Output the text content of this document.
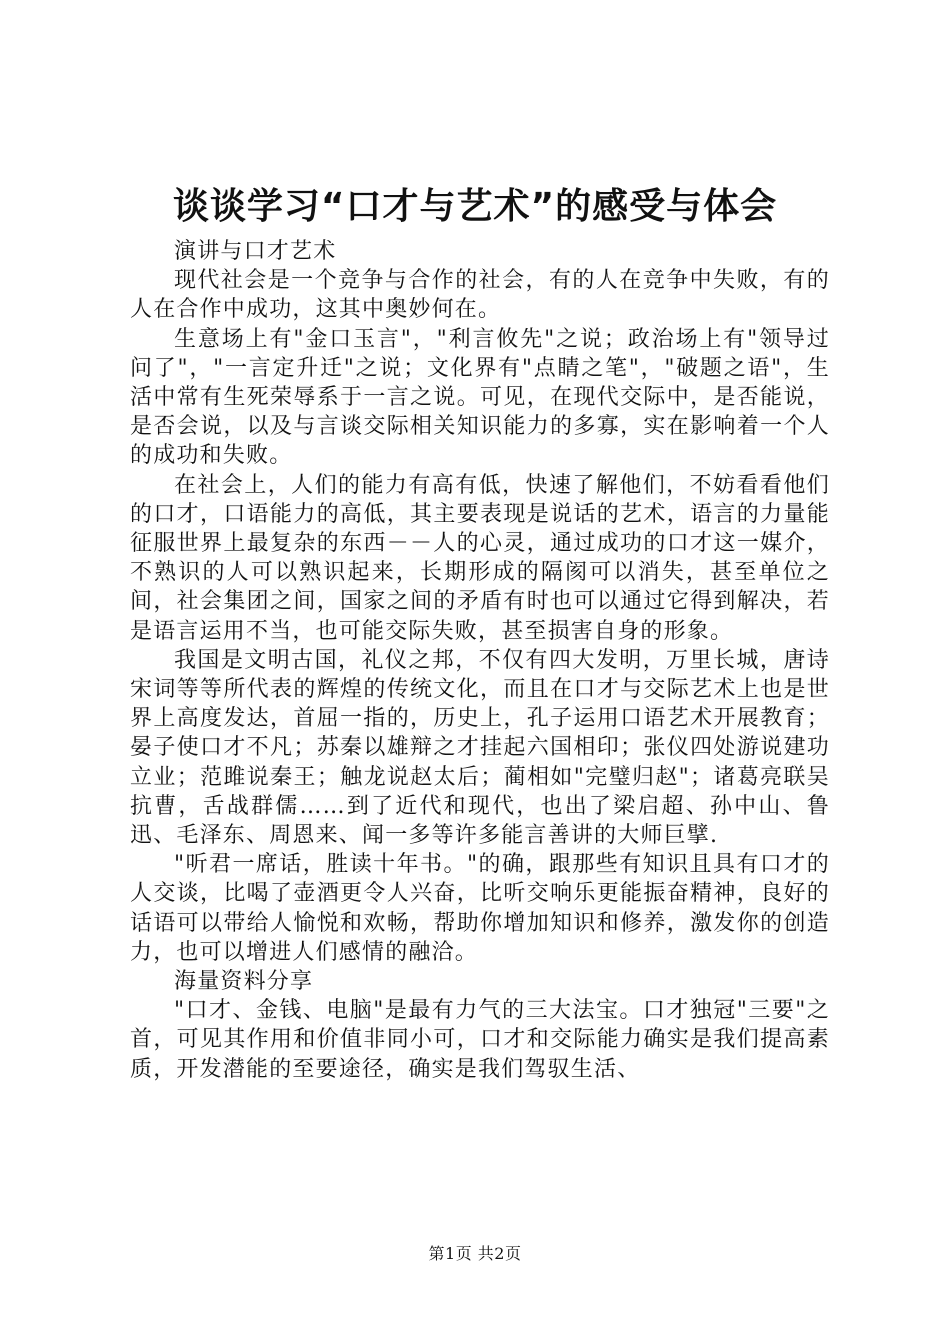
谈谈学习“口才与艺术”的感受与体会

演讲与口才艺术

现代社会是一个竞争与合作的社会，有的人在竞争中失败，有的人在合作中成功，这其中奥妙何在。

生意场上有"金口玉言"，"利言攸先"之说；政治场上有"领导过问了"，"一言定升迁"之说；文化界有"点睛之笔"，"破题之语"，生活中常有生死荣辱系于一言之说。可见，在现代交际中，是否能说，是否会说，以及与言谈交际相关知识能力的多寡，实在影响着一个人的成功和失败。

在社会上，人们的能力有高有低，快速了解他们，不妨看看他们的口才，口语能力的高低，其主要表现是说话的艺术，语言的力量能征服世界上最复杂的东西－－人的心灵，通过成功的口才这一媒介，不熟识的人可以熟识起来，长期形成的隔阂可以消失，甚至单位之间，社会集团之间，国家之间的矛盾有时也可以通过它得到解决，若是语言运用不当，也可能交际失败，甚至损害自身的形象。

我国是文明古国，礼仪之邦，不仅有四大发明，万里长城，唐诗宋词等等所代表的辉煌的传统文化，而且在口才与交际艺术上也是世界上高度发达，首屈一指的，历史上，孔子运用口语艺术开展教育；晏子使口才不凡；苏秦以雄辩之才挂起六国相印；张仪四处游说建功立业；范雎说秦王；触龙说赵太后；蔺相如"完璧归赵"；诸葛亮联吴抗曹，舌战群儒……到了近代和现代，也出了梁启超、孙中山、鲁迅、毛泽东、周恩来、闻一多等许多能言善讲的大师巨擘.

"听君一席话，胜读十年书。"的确，跟那些有知识且具有口才的人交谈，比喝了壶酒更令人兴奋，比听交响乐更能振奋精神，良好的话语可以带给人愉悦和欢畅，帮助你增加知识和修养，激发你的创造力，也可以增进人们感情的融洽。

海量资料分享

"口才、金钱、电脑"是最有力气的三大法宝。口才独冠"三要"之首，可见其作用和价值非同小可，口才和交际能力确实是我们提高素质，开发潜能的至要途径，确实是我们驾驭生活、

第1页 共2页
